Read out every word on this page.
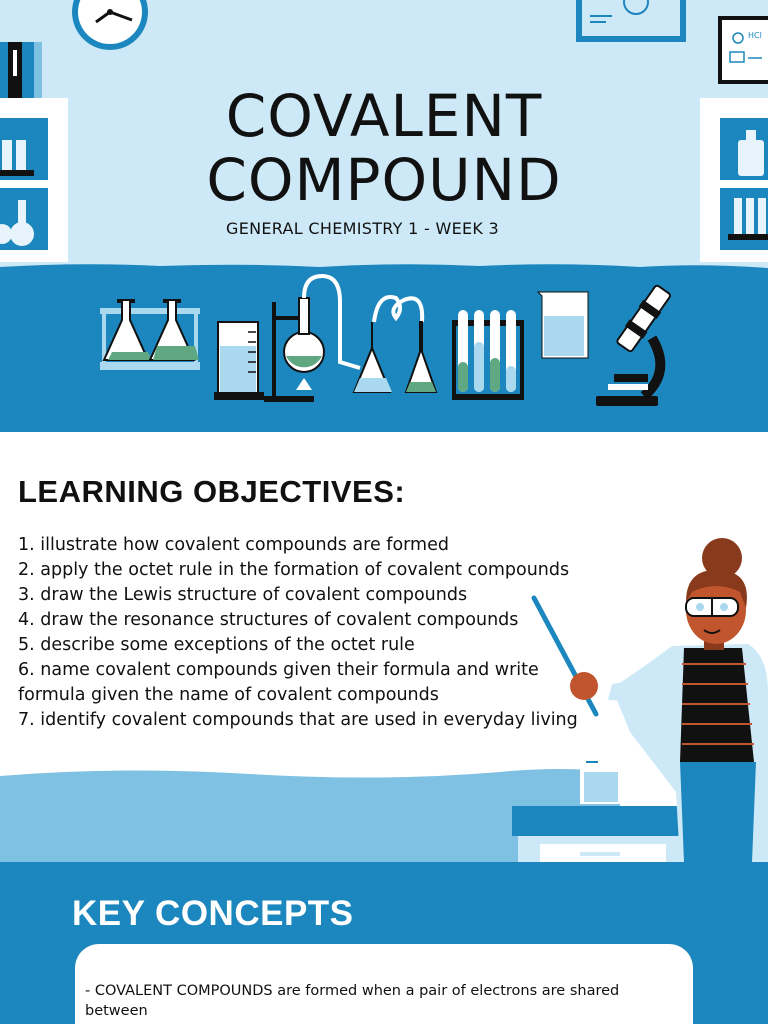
HCl
COVALENT
COMPOUND
GENERAL CHEMISTRY 1 - WEEK 3
LEARNING OBJECTIVES:
1. illustrate how covalent compounds are formed
2. apply the octet rule in the formation of covalent compounds
3. draw the Lewis structure of covalent compounds
4. draw the resonance structures of covalent compounds
5. describe some exceptions of the octet rule
6. name covalent compounds given their formula and write formula given the name of covalent compounds
7. identify covalent compounds that are used in everyday living
KEY CONCEPTS

- COVALENT COMPOUNDS are formed when a pair of electrons are shared between
